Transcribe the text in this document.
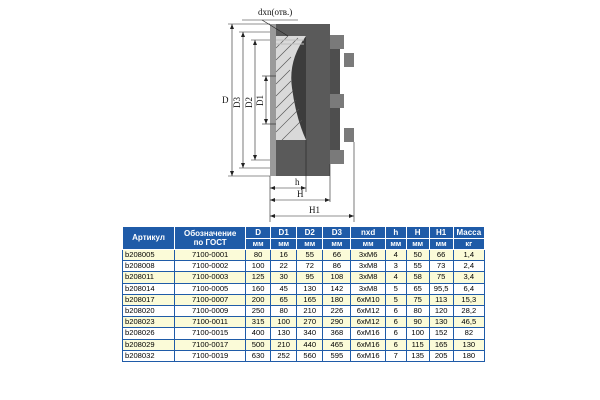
dxn(отв.)
D D3 D2 D1
h
H
H1
Артикул	Обозначение
по ГОСТ	D	D1	D2	D3	nxd	h	H	H1	Масса
		мм	мм	мм	мм	мм	мм	мм	мм	кг
b208005	7100-0001	80	16	55	66	3xM6	4	50	66	1,4
b208008	7100-0002	100	22	72	86	3xM8	3	55	73	2,4
b208011	7100-0003	125	30	95	108	3xM8	4	58	75	3,4
b208014	7100-0005	160	45	130	142	3xM8	5	65	95,5	6,4
b208017	7100-0007	200	65	165	180	6xM10	5	75	113	15,3
b208020	7100-0009	250	80	210	226	6xM12	6	80	120	28,2
b208023	7100-0011	315	100	270	290	6xM12	6	90	130	46,5
b208026	7100-0015	400	130	340	368	6xM16	6	100	152	82
b208029	7100-0017	500	210	440	465	6xM16	6	115	165	130
b208032	7100-0019	630	252	560	595	6xM16	7	135	205	180
